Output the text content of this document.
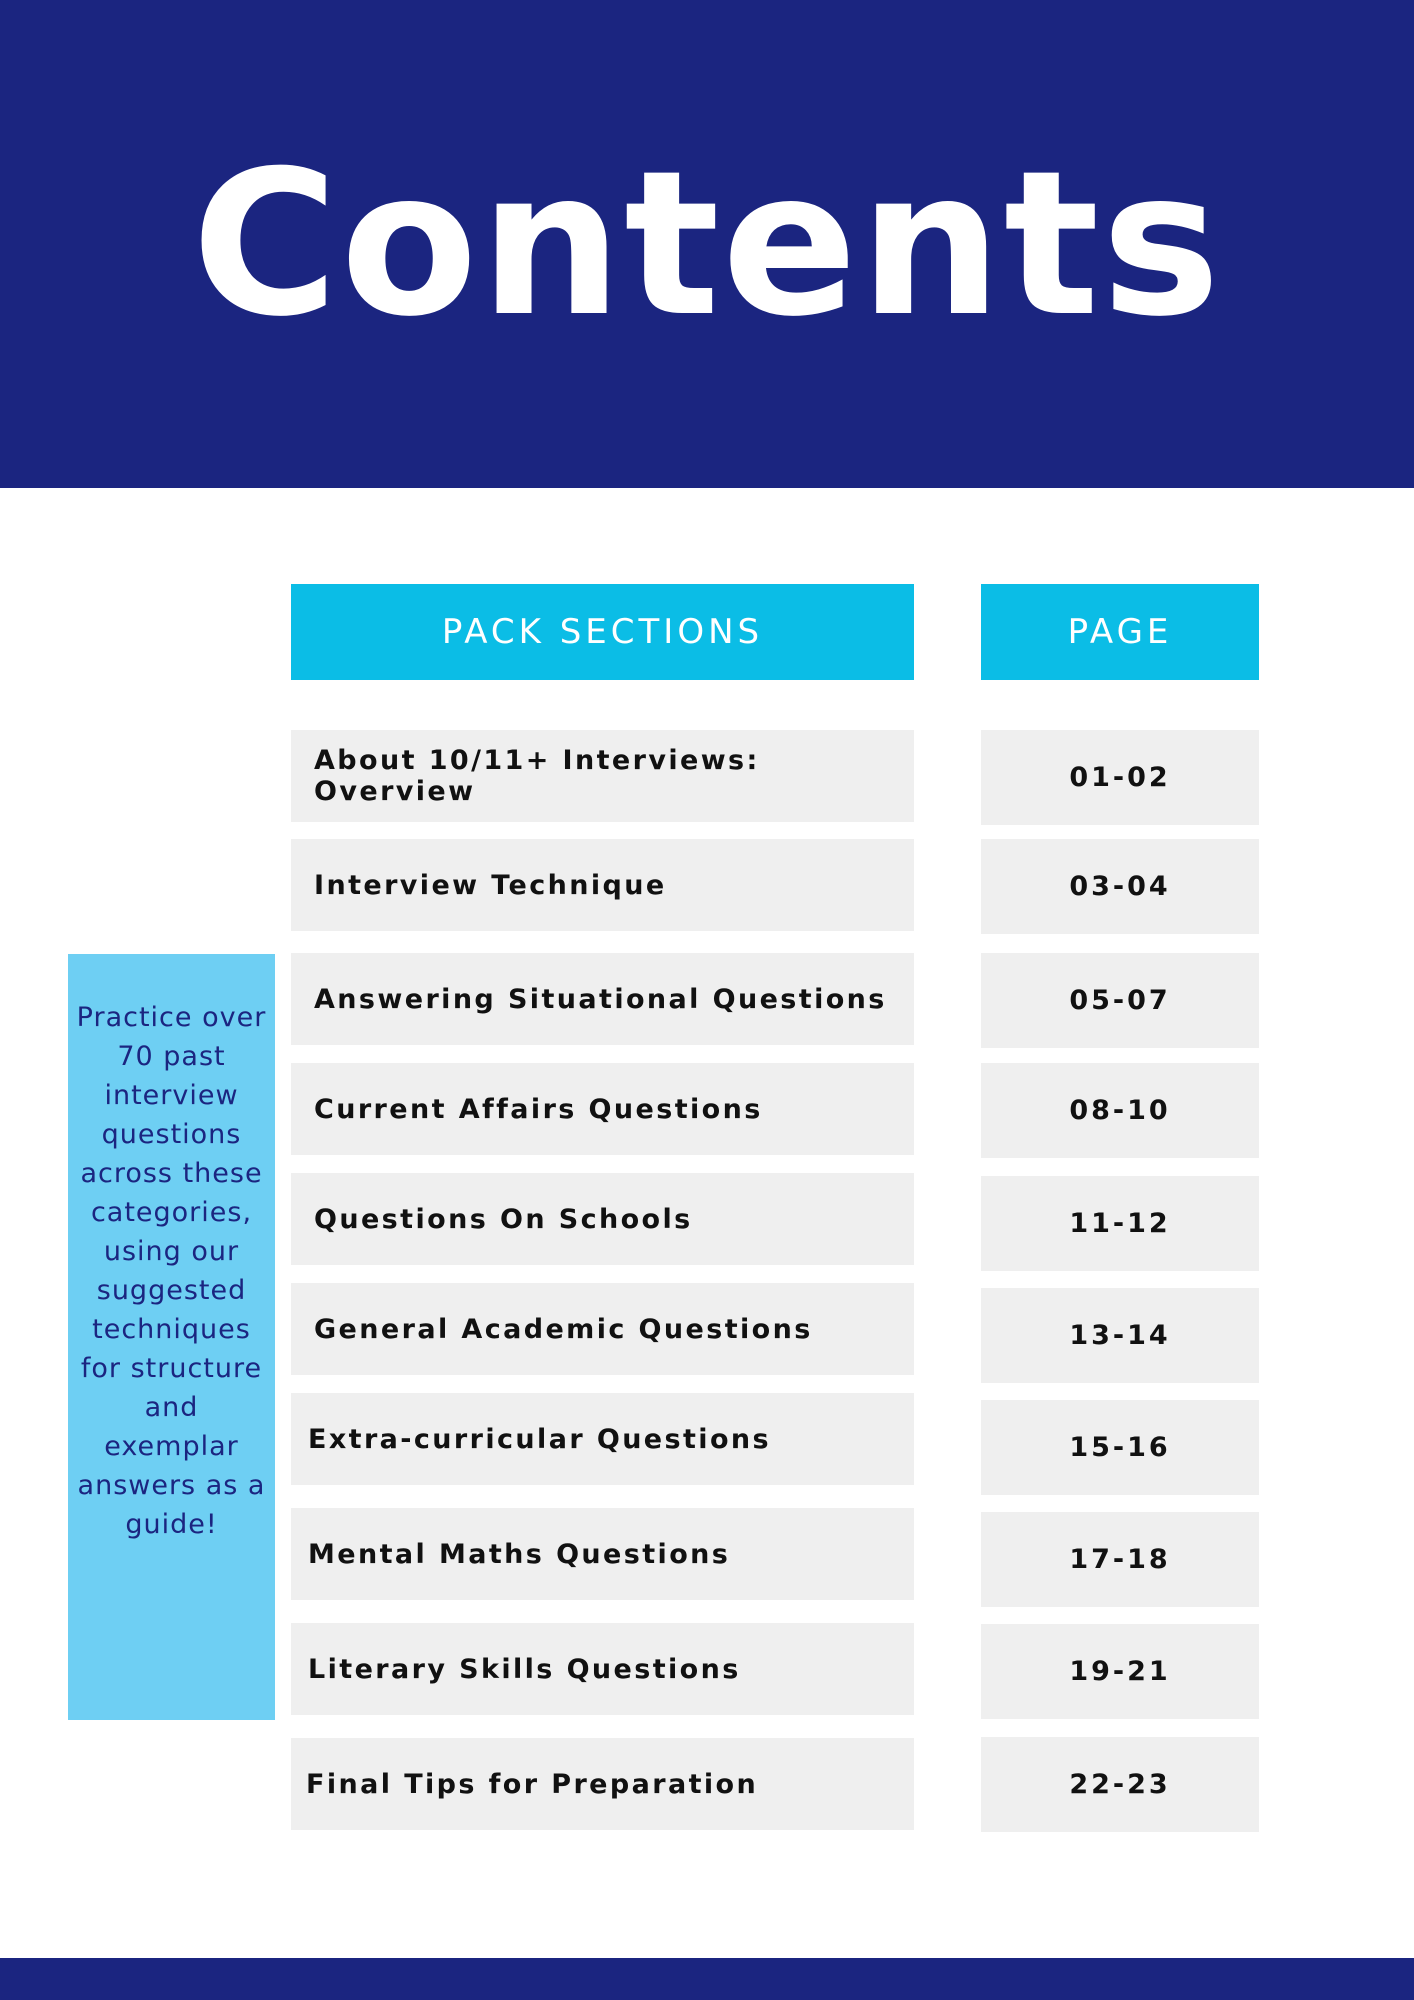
Contents
PACK SECTIONS	PAGE
About 10/11+ Interviews: Overview	01-02
Interview Technique	03-04
Answering Situational Questions	05-07
Current Affairs Questions	08-10
Questions On Schools	11-12
General Academic Questions	13-14
Extra-curricular Questions	15-16
Mental Maths Questions	17-18
Literary Skills Questions	19-21
Final Tips for Preparation	22-23
Practice over 70 past interview questions across these categories, using our suggested techniques for structure and exemplar answers as a guide!
